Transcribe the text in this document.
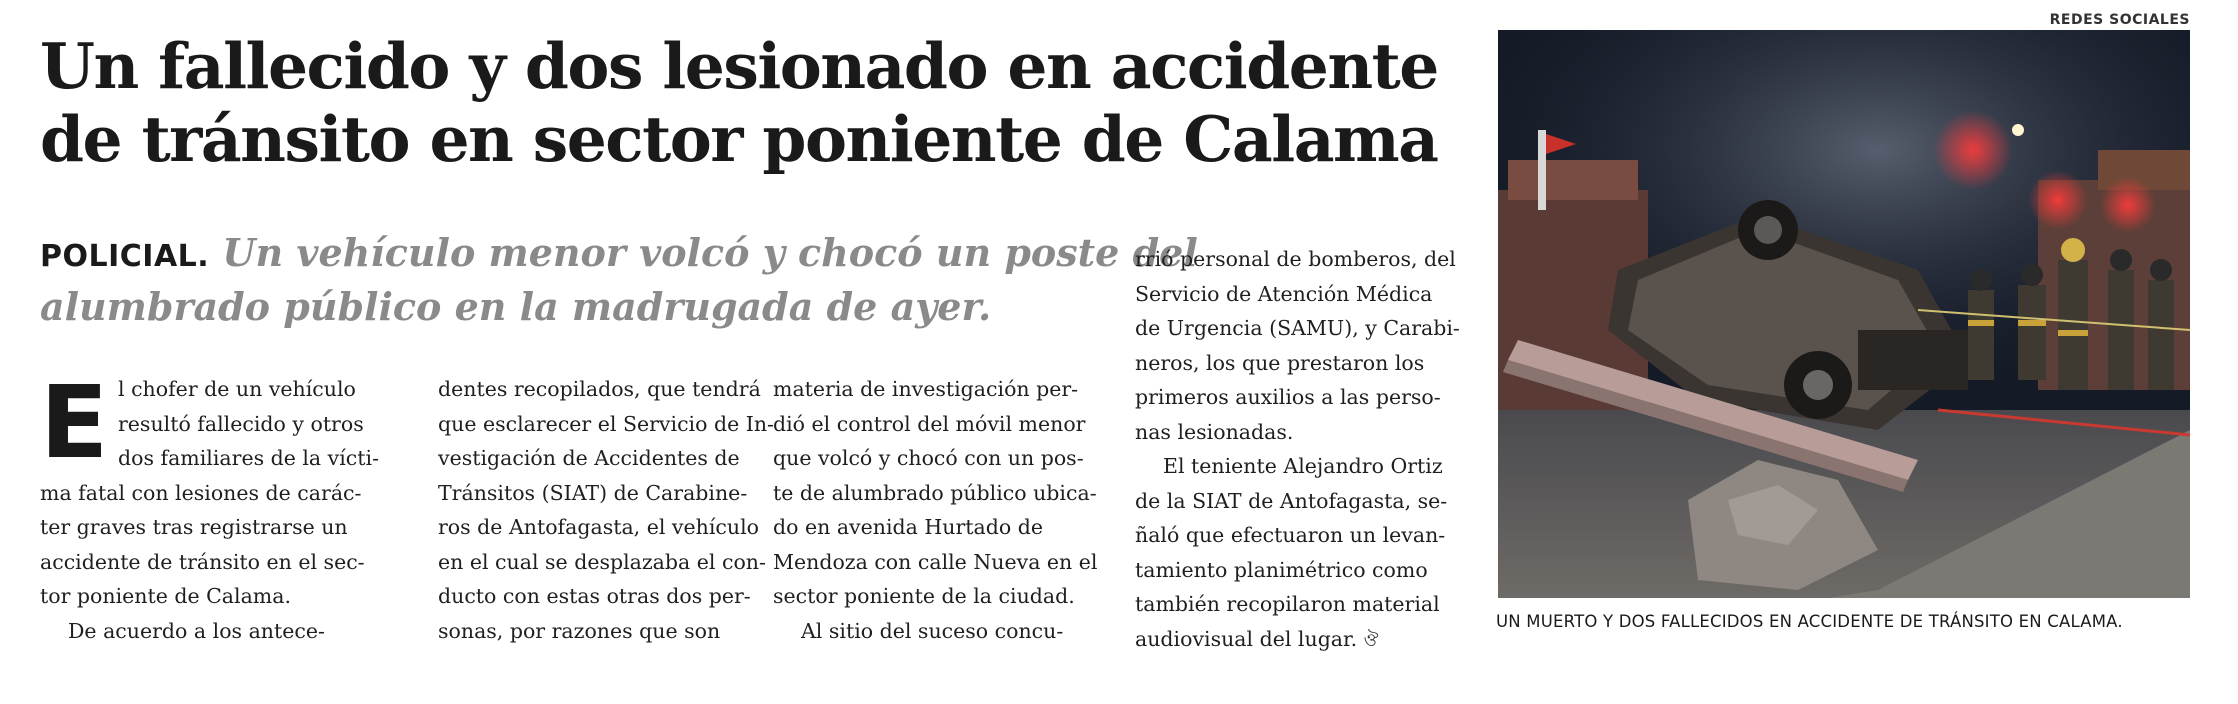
Un fallecido y dos lesionado en accidente
de tránsito en sector poniente de Calama
POLICIAL. Un vehículo menor volcó y chocó un poste del
alumbrado público en la madrugada de ayer.
E l chofer de un vehículo

resultó fallecido y otros

dos familiares de la vícti-

ma fatal con lesiones de carác-

ter graves tras registrarse un

accidente de tránsito en el sec-

tor poniente de Calama.

De acuerdo a los antece-

dentes recopilados, que tendrá

que esclarecer el Servicio de In-

vestigación de Accidentes de

Tránsitos (SIAT) de Carabine-

ros de Antofagasta, el vehículo

en el cual se desplazaba el con-

ducto con estas otras dos per-

sonas, por razones que son

materia de investigación per-

dió el control del móvil menor

que volcó y chocó con un pos-

te de alumbrado público ubica-

do en avenida Hurtado de

Mendoza con calle Nueva en el

sector poniente de la ciudad.

Al sitio del suceso concu-

rrió personal de bomberos, del

Servicio de Atención Médica

de Urgencia (SAMU), y Carabi-

neros, los que prestaron los

primeros auxilios a las perso-

nas lesionadas.

El teniente Alejandro Ortiz

de la SIAT de Antofagasta, se-

ñaló que efectuaron un levan-

tamiento planimétrico como

también recopilaron material

audiovisual del lugar. ঔ

REDES SOCIALES
UN MUERTO Y DOS FALLECIDOS EN ACCIDENTE DE TRÁNSITO EN CALAMA.
